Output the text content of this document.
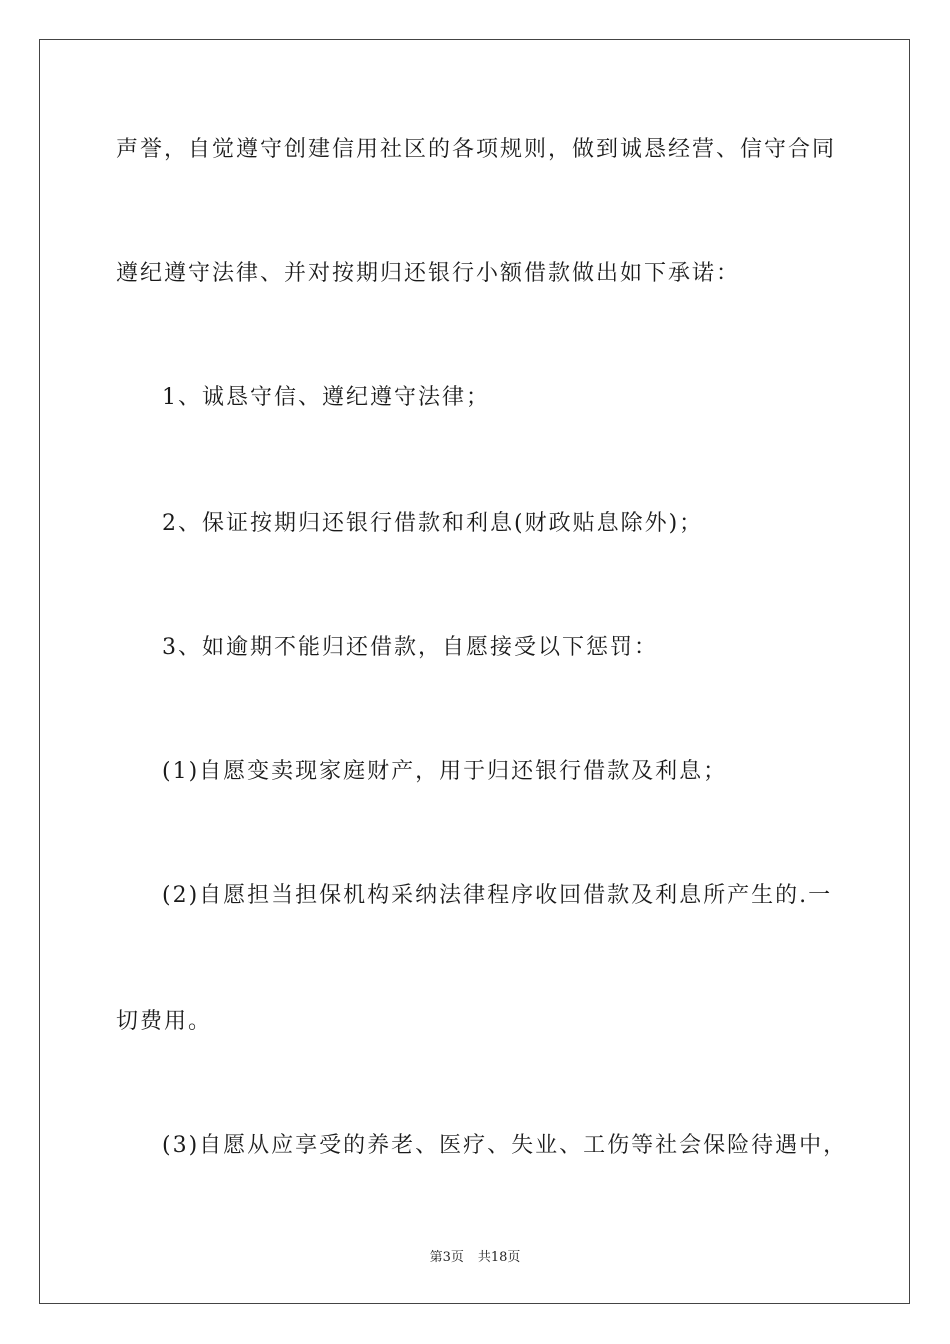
声誉，自觉遵守创建信用社区的各项规则，做到诚恳经营、信守合同
遵纪遵守法律、并对按期归还银行小额借款做出如下承诺：
1、诚恳守信、遵纪遵守法律；
2、保证按期归还银行借款和利息(财政贴息除外)；
3、如逾期不能归还借款，自愿接受以下惩罚：
(1)自愿变卖现家庭财产，用于归还银行借款及利息；
(2)自愿担当担保机构采纳法律程序收回借款及利息所产生的.一
切费用。
(3)自愿从应享受的养老、医疗、失业、工伤等社会保险待遇中，
第3页 共18页
